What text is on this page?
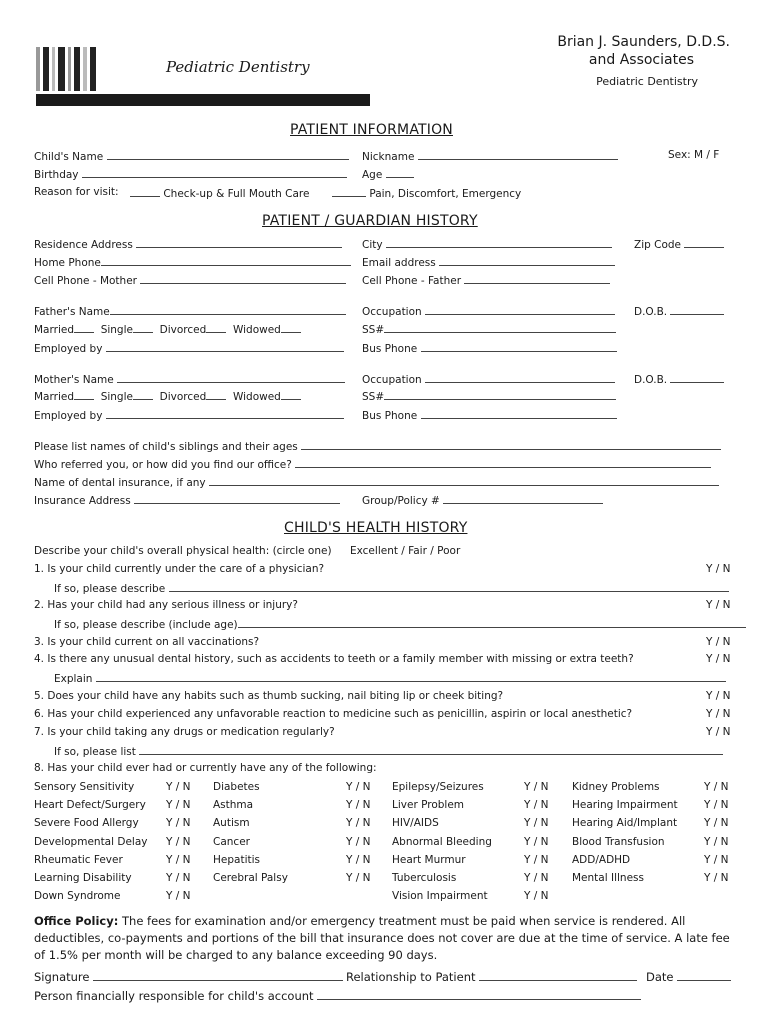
Pediatric Dentistry
Brian J. Saunders, D.D.S.
and Associates
Pediatric Dentistry
PATIENT INFORMATION
Child's Name	Nickname	Sex: M / F
Birthday	Age
Reason for visit:	Check-up & Full Mouth Care	Pain, Discomfort, Emergency
PATIENT / GUARDIAN HISTORY
Residence Address	City	Zip Code
Home Phone	Email address
Cell Phone - Mother	Cell Phone - Father
Father's Name	Occupation	D.O.B.
Married	Single	Divorced	Widowed	SS#
Employed by	Bus Phone
Mother's Name	Occupation	D.O.B.
Married	Single	Divorced	Widowed	SS#
Employed by	Bus Phone
Please list names of child's siblings and their ages
Who referred you, or how did you find our office?
Name of dental insurance, if any
Insurance Address	Group/Policy #
CHILD'S HEALTH HISTORY
Describe your child's overall physical health: (circle one) Excellent / Fair / Poor
1. Is your child currently under the care of a physician?	Y / N
If so, please describe
2. Has your child had any serious illness or injury?	Y / N
If so, please describe (include age)
3. Is your child current on all vaccinations?	Y / N
4. Is there any unusual dental history, such as accidents to teeth or a family member with missing or extra teeth?	Y / N
Explain
5. Does your child have any habits such as thumb sucking, nail biting lip or cheek biting?	Y / N
6. Has your child experienced any unfavorable reaction to medicine such as penicillin, aspirin or local anesthetic?	Y / N
7. Is your child taking any drugs or medication regularly?	Y / N
If so, please list
8. Has your child ever had or currently have any of the following:
Sensory Sensitivity	Y / N Diabetes	Y / N Epilepsy/Seizures	Y / N Kidney Problems	Y / N
Heart Defect/Surgery Y / N Asthma	Y / N Liver Problem	Y / N Hearing Impairment	Y / N
Severe Food Allergy	Y / N Autism	Y / N HIV/AIDS	Y / N Hearing Aid/Implant	Y / N
Developmental Delay Y / N Cancer	Y / N Abnormal Bleeding	Y / N Blood Transfusion	Y / N
Rheumatic Fever	Y / N Hepatitis	Y / N Heart Murmur	Y / N ADD/ADHD	Y / N
Learning Disability	Y / N Cerebral Palsy	Y / N Tuberculosis	Y / N Mental Illness	Y / N
Down Syndrome	Y / N	Vision Impairment	Y / N
Office Policy: The fees for examination and/or emergency treatment must be paid when service is rendered. All deductibles, co-payments and portions of the bill that insurance does not cover are due at the time of service. A late fee of 1.5% per month will be charged to any balance exceeding 90 days.
Signature	Relationship to Patient	Date
Person financially responsible for child's account
